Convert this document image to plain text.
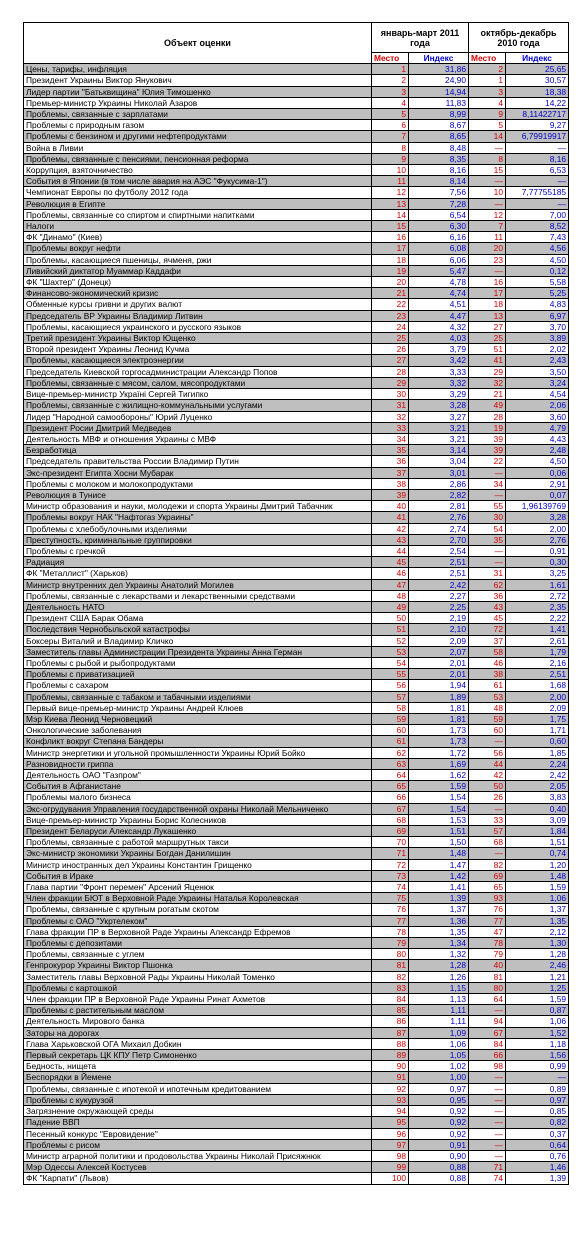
Объект оценки	январь-март 2011 года		октябрь-декабрь 2010 года	
	Место	Индекс	Место	Индекс
Цены, тарифы, инфляция	1	31,86	2	25,65
Президент Украины Виктор Янукович	2	24,90	1	30,57
Лидер партии "Батьквищина" Юлия Тимошенко	3	14,94	3	18,38
Премьер-министр Украины Николай Азаров	4	11,83	4	14,22
Проблемы, связанные с зарплатами	5	8,99	9	8,11422717
Проблемы с природным газом	6	8,67	5	9,27
Проблемы с бензином и другими нефтепродуктами	7	8,65	14	6,79919917
Война в Ливии	8	8,48	—	—
Проблемы, связанные с пенсиями, пенсионная реформа	9	8,35	8	8,16
Коррупция, взяточничество	10	8,16	15	6,53
События в Японии (в том числе авария на АЭС "Фукусима-1")	11	8,14	—	—
Чемпионат Европы по футболу 2012 года	12	7,56	10	7,77755185
Революция в Египте	13	7,28	—	—
Проблемы, связанные со спиртом и спиртными напитками	14	6,54	12	7,00
Налоги	15	6,30	7	8,52
ФК "Динамо" (Киев)	16	6,16	11	7,43
Проблемы вокруг нефти	17	6,08	20	4,56
Проблемы, касающиеся пшеницы, ячменя, ржи	18	6,06	23	4,50
Ливийский диктатор Муаммар Каддафи	19	5,47	—	0,12
ФК "Шахтер" (Донецк)	20	4,78	16	5,58
Финансово-экономический кризис	21	4,74	17	5,25
Обменные курсы гривни и других валют	22	4,51	18	4,83
Председатель ВР Украины Владимир Литвин	23	4,47	13	6,97
Проблемы, касающиеся украинского и русского языков	24	4,32	27	3,70
Третий президент Украины Виктор Ющенко	25	4,03	25	3,89
Второй президент Украины Леонид Кучма	26	3,79	51	2,02
Проблемы, касающиеся электроэнергии	27	3,42	41	2,43
Председатель Киевской горгосадминистрации Александр Попов	28	3,33	29	3,50
Проблемы, связанные с мясом, салом, мясопродуктами	29	3,32	32	3,24
Вице-премьер-министр Україні Сергей Тигипко	30	3,29	21	4,54
Проблемы, связанные с жилищно-коммунальными услугами	31	3,28	49	2,06
Лидер "Народной самообороны" Юрий Луценко	32	3,27	28	3,60
Президент Росии Дмитрий Медведев	33	3,21	19	4,79
Деятельность МВФ и отношения Украины с МВФ	34	3,21	39	4,43
Безработица	35	3,14	39	2,48
Председатель правительства России Владимир Путин	36	3,04	22	4,50
Экс-президент Египта Хосни Мубарак	37	3,01	—	0,06
Проблемы с молоком и молокопродуктами	38	2,86	34	2,91
Революция в Тунисе	39	2,82	—	0,07
Министр образования и науки, молодежи и спорта Украины Дмитрий Табачник	40	2,81	55	1,96139769
Проблемы вокруг НАК "Нафтогаз Украины"	41	2,76	30	3,28
Проблемы с хлебобулочными изделиями	42	2,74	54	2,00
Преступность, криминальные группировки	43	2,70	35	2,76
Проблемы с гречкой	44	2,54	—	0,91
Радиация	45	2,51	—	0,30
ФК "Металлист" (Харьков)	46	2,51	31	3,25
Министр внутренних дел Украины Анатолий Могилев	47	2,42	62	1,61
Проблемы, связанные с лекарствами и лекарственными средствами	48	2,27	36	2,72
Деятельность НАТО	49	2,25	43	2,35
Президент США Барак Обама	50	2,19	45	2,22
Последствия Чернобыльской катастрофы	51	2,10	72	1,41
Боксеры Виталий и Владимир Кличко	52	2,09	37	2,61
Заместитель главы Администрации Президента Украины Анна Герман	53	2,07	58	1,79
Проблемы с рыбой и рыбопродуктами	54	2,01	46	2,16
Проблемы с приватизацией	55	2,01	38	2,51
Проблемы с сахаром	56	1,94	61	1,68
Проблемы, связанные с табаком и табачными изделиями	57	1,89	53	2,00
Первый вице-премьер-министр Украины Андрей Клюев	58	1,81	48	2,09
Мэр Киева Леонид Черновецкий	59	1,81	59	1,75
Онкологические заболевания	60	1,73	60	1,71
Конфликт вокруг Степана Бандеры	61	1,73	—	0,60
Министр энергетики и угольной промышленности Украины Юрий Бойко	62	1,72	56	1,85
Разновидности гриппа	63	1,69	44	2,24
Деятельность ОАО "Газпром"	64	1,62	42	2,42
События в Афганистане	65	1,59	50	2,05
Проблемы малого бизнеса	66	1,54	26	3,83
Экс-огрудувания Управления государственной охраны Николай Мельниченко	67	1,54	—	0,40
Вице-премьер-министр Украины Борис Колесников	68	1,53	33	3,09
Президент Беларуси Александр Лукашенко	69	1,51	57	1,84
Проблемы, связанные с работой маршрутных такси	70	1,50	68	1,51
Экс-министр экономики Украины Богдан Данилишин	71	1,48	—	0,74
Министр иностранных дел Украины Константин Грищенко	72	1,47	82	1,20
События в Ираке	73	1,42	69	1,48
Глава партии "Фронт перемен" Арсений Яценюк	74	1,41	65	1,59
Член фракции БЮТ в Верховной Раде Украины Наталья Королевская	75	1,39	93	1,06
Проблемы, связанные с крупным рогатым скотом	76	1,37	76	1,37
Проблемы с ОАО "Укртелеком"	77	1,36	77	1,35
Глава фракции ПР в Верховной Раде Украины Александр Ефремов	78	1,35	47	2,12
Проблемы с депозитами	79	1,34	78	1,30
Проблемы, связанные с углем	80	1,32	79	1,28
Генпрокурор Украины Виктор Пшонка	81	1,28	40	2,46
Заместитель главы Верховной Рады Украины Николай Томенко	82	1,26	81	1,21
Проблемы с картошкой	83	1,15	80	1,25
Член фракции ПР в Верховной Раде Украины Ринат Ахметов	84	1,13	64	1,59
Проблемы с растительным маслом	85	1,11	—	0,87
Деятельность Мирового банка	86	1,11	94	1,06
Заторы на дорогах	87	1,09	67	1,52
Глава Харьковской ОГА Михаил Добкин	88	1,06	84	1,18
Первый секретарь ЦК КПУ Петр Симоненко	89	1,05	66	1,56
Бедность, нищета	90	1,02	98	0,99
Беспорядки в Йемене	91	1,00	—	—
Проблемы, связанные с ипотекой и ипотечным кредитованием	92	0,97	—	0,89
Проблемы с кукурузой	93	0,95	—	0,97
Загрязнение окружающей среды	94	0,92	—	0,85
Падение ВВП	95	0,92	—	0,82
Песенный конкурс "Евровидение"	96	0,92	—	0,37
Проблемы с рисом	97	0,91	—	0,64
Министр аграрной политики и продовольства Украины Николай Присяжнюк	98	0,90	—	0,76
Мэр Одессы Алексей Костусев	99	0,88	71	1,46
ФК "Карпати" (Львов)	100	0,88	74	1,39
